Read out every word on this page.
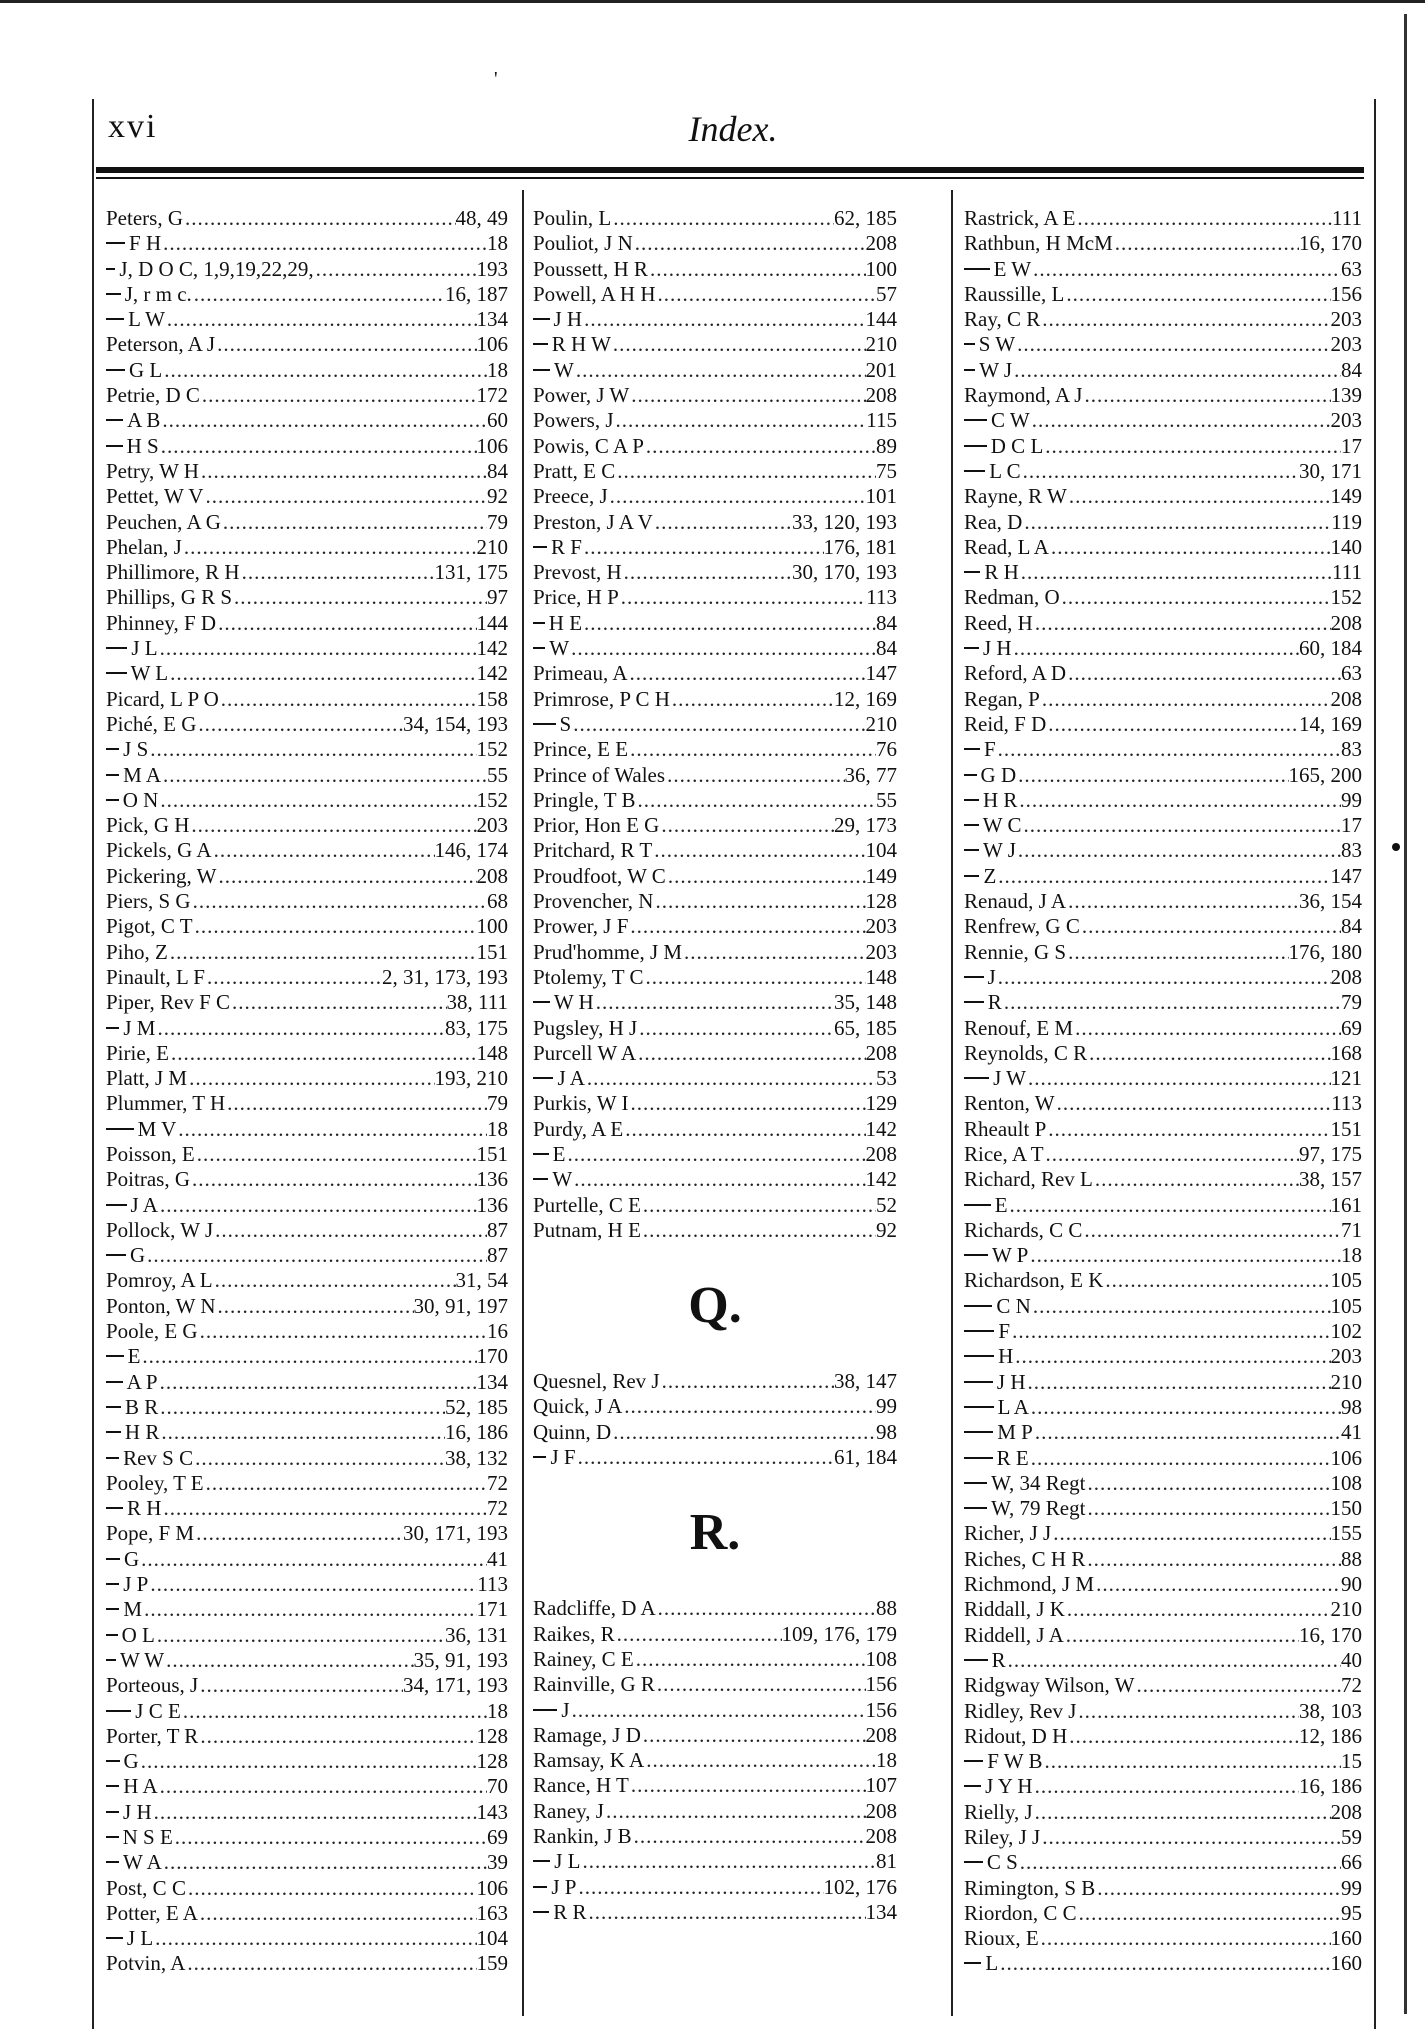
'
xvi	Index.
Peters, G .....	48, 49
F H .....	18
J, D O C, 1,9,19,22,29, .....	193
J, r m c. .....	16, 187
L W .....	134
Peterson, A J .....	106
G L .....	18
Petrie, D C .....	172
A B .....	60
H S .....	106
Petry, W H .....	84
Pettet, W V .....	92
Peuchen, A G .....	79
Phelan, J .....	210
Phillimore, R H .....	131, 175
Phillips, G R S .....	97
Phinney, F D .....	144
J L .....	142
W L .....	142
Picard, L P O .....	158
Piché, E G .....	34, 154, 193
J S .....	152
M A .....	55
O N .....	152
Pick, G H .....	203
Pickels, G A .....	146, 174
Pickering, W .....	208
Piers, S G .....	68
Pigot, C T .....	100
Piho, Z .....	151
Pinault, L F .....	2, 31, 173, 193
Piper, Rev F C .....	38, 111
J M .....	83, 175
Pirie, E .....	148
Platt, J M .....	193, 210
Plummer, T H .....	79
M V .....	18
Poisson, E .....	151
Poitras, G .....	136
J A .....	136
Pollock, W J .....	87
G .....	87
Pomroy, A L .....	31, 54
Ponton, W N .....	30, 91, 197
Poole, E G .....	16
E .....	170
A P .....	134
B R .....	52, 185
H R .....	16, 186
Rev S C .....	38, 132
Pooley, T E .....	72
R H .....	72
Pope, F M .....	30, 171, 193
G .....	41
J P .....	113
M .....	171
O L .....	36, 131
W W .....	35, 91, 193
Porteous, J .....	34, 171, 193
J C E .....	18
Porter, T R .....	128
G .....	128
H A .....	70
J H .....	143
N S E .....	69
W A .....	39
Post, C C .....	106
Potter, E A .....	163
J L .....	104
Potvin, A .....	159
Poulin, L .....	62, 185
Pouliot, J N .....	208
Poussett, H R .....	100
Powell, A H H .....	57
J H .....	144
R H W .....	210
W .....	201
Power, J W .....	208
Powers, J .....	115
Powis, C A P .....	89
Pratt, E C .....	75
Preece, J .....	101
Preston, J A V .....	33, 120, 193
R F .....	176, 181
Prevost, H .....	30, 170, 193
Price, H P .....	113
H E .....	84
W .....	84
Primeau, A .....	147
Primrose, P C H .....	12, 169
S .....	210
Prince, E E .....	76
Prince of Wales .....	36, 77
Pringle, T B .....	55
Prior, Hon E G .....	29, 173
Pritchard, R T .....	104
Proudfoot, W C .....	149
Provencher, N .....	128
Prower, J F .....	203
Prud'homme, J M .....	203
Ptolemy, T C .....	148
W H .....	35, 148
Pugsley, H J .....	65, 185
Purcell W A .....	208
J A .....	53
Purkis, W I .....	129
Purdy, A E .....	142
E .....	208
W .....	142
Purtelle, C E .....	52
Putnam, H E .....	92
Q.
Quesnel, Rev J .....	38, 147
Quick, J A .....	99
Quinn, D .....	98
J F .....	61, 184
R.
Radcliffe, D A .....	88
Raikes, R .....	109, 176, 179
Rainey, C E .....	108
Rainville, G R .....	156
J .....	156
Ramage, J D .....	208
Ramsay, K A .....	18
Rance, H T .....	107
Raney, J .....	208
Rankin, J B .....	208
J L .....	81
J P .....	102, 176
R R .....	134
Rastrick, A E .....	111
Rathbun, H McM .....	16, 170
E W .....	63
Raussille, L .....	156
Ray, C R .....	203
S W .....	203
W J .....	84
Raymond, A J .....	139
C W .....	203
D C L .....	17
L C .....	30, 171
Rayne, R W .....	149
Rea, D .....	119
Read, L A .....	140
R H .....	111
Redman, O .....	152
Reed, H .....	208
J H .....	60, 184
Reford, A D .....	63
Regan, P .....	208
Reid, F D .....	14, 169
F .....	83
G D .....	165, 200
H R .....	99
W C .....	17
W J .....	83
Z .....	147
Renaud, J A .....	36, 154
Renfrew, G C .....	84
Rennie, G S .....	176, 180
J .....	208
R .....	79
Renouf, E M .....	69
Reynolds, C R .....	168
J W .....	121
Renton, W .....	113
Rheault P .....	151
Rice, A T .....	97, 175
Richard, Rev L .....	38, 157
E .....	161
Richards, C C .....	71
W P .....	18
Richardson, E K .....	105
C N .....	105
F .....	102
H .....	203
J H .....	210
L A .....	98
M P .....	41
R E .....	106
W, 34 Regt .....	108
W, 79 Regt .....	150
Richer, J J .....	155
Riches, C H R .....	88
Richmond, J M .....	90
Riddall, J K .....	210
Riddell, J A .....	16, 170
R .....	40
Ridgway Wilson, W .....	72
Ridley, Rev J .....	38, 103
Ridout, D H .....	12, 186
F W B .....	15
J Y H .....	16, 186
Rielly, J .....	208
Riley, J J .....	59
C S .....	66
Rimington, S B .....	99
Riordon, C C .....	95
Rioux, E .....	160
L .....	160
